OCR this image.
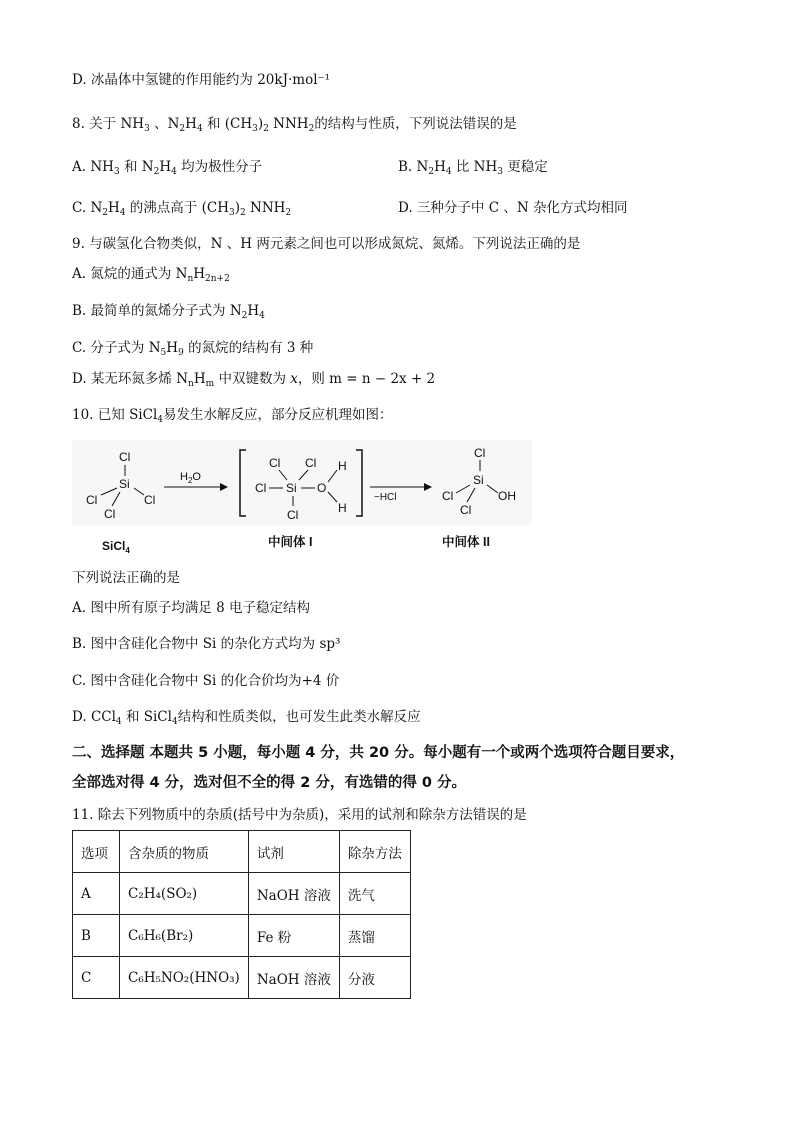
D. 冰晶体中氢键的作用能约为 20kJ·mol⁻¹
8. 关于 $NH_3$ 、$N_2H_4$ 和 $(CH_3)_2$ $NNH_2$的结构与性质，下列说法错误的是
A. $NH_3$ 和 $N_2H_4$ 均为极性分子	B. $N_2H_4$ 比 $NH_3$ 更稳定
C. $N_2H_4$ 的沸点高于 $(CH_3)_2$ $NNH_2$	D. 三种分子中 C 、N 杂化方式均相同
9. 与碳氢化合物类似，N 、H 两元素之间也可以形成氮烷、氮烯。下列说法正确的是
A. 氮烷的通式为 $N_nH_{2n+2}$
B. 最简单的氮烯分子式为 $N_2H_4$
C. 分子式为 $N_5H_9$ 的氮烷的结构有 3 种
D. 某无环氮多烯 $N_nH_m$ 中双键数为 x，则 m = n − 2x + 2
10. 已知 SiCl$_4$易发生水解反应，部分反应机理如图：
Cl
Si
Cl	Cl
Cl
$H_2O$
Cl Cl
Si
Cl	O
H
H
Cl
−HCl
Cl
Si
Cl	OH
Cl
SiCl$_4$
中间体 I	中间体 II
下列说法正确的是
A. 图中所有原子均满足 8 电子稳定结构
B. 图中含硅化合物中 Si 的杂化方式均为 sp³
C. 图中含硅化合物中 Si 的化合价均为+4 价
D. CCl$_4$ 和 SiCl$_4$结构和性质类似，也可发生此类水解反应
二、选择题 本题共 5 小题，每小题 4 分，共 20 分。每小题有一个或两个选项符合题目要求，
全部选对得 4 分，选对但不全的得 2 分，有选错的得 0 分。
11. 除去下列物质中的杂质(括号中为杂质)，采用的试剂和除杂方法错误的是
选项	含杂质的物质	试剂	除杂方法
A	C₂H₄(SO₂)	NaOH 溶液	洗气
B	C₆H₆(Br₂)	Fe 粉	蒸馏
C	C₆H₅NO₂(HNO₃)	NaOH 溶液	分液
